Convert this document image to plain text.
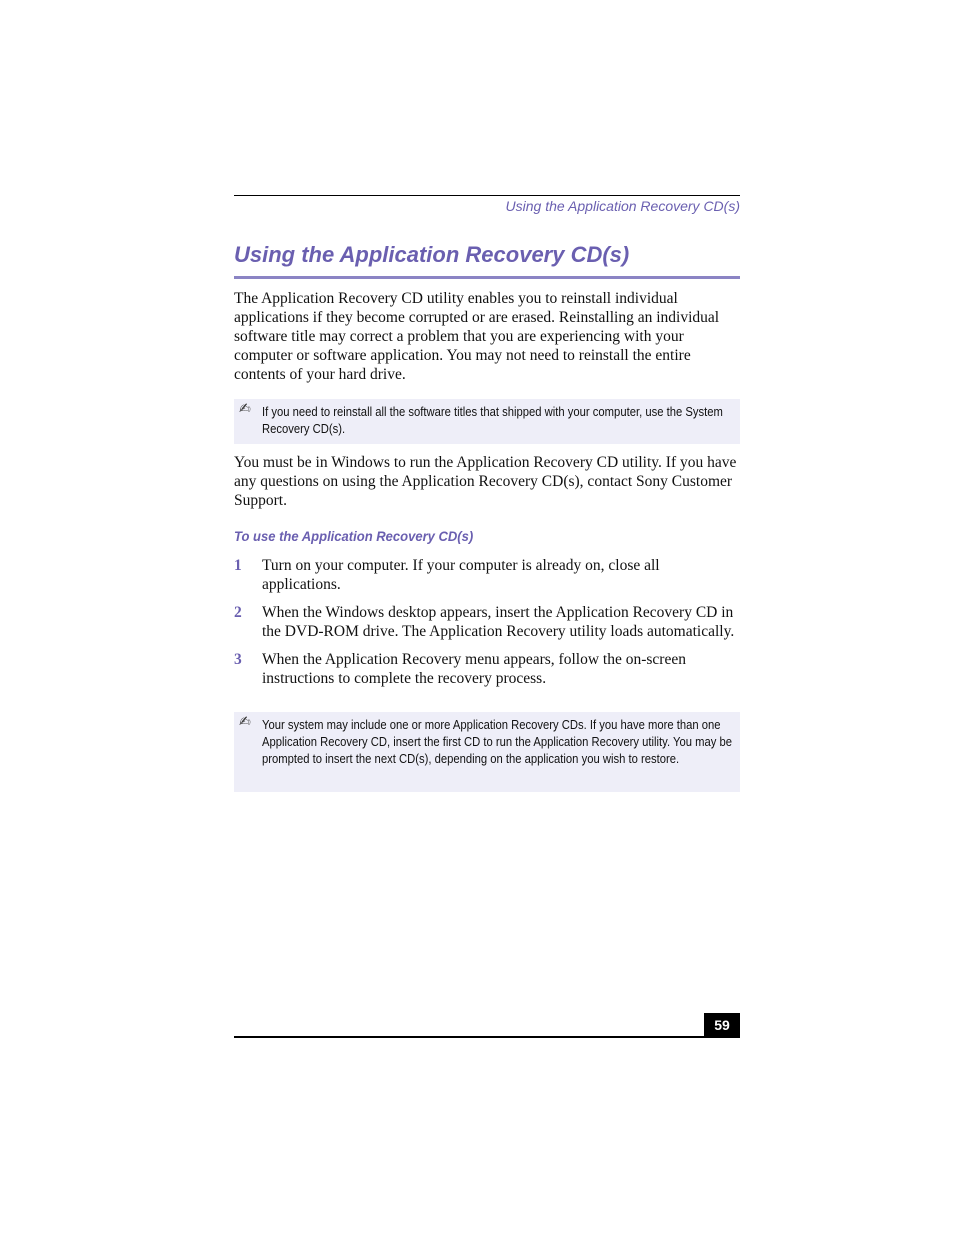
Using the Application Recovery CD(s)
Using the Application Recovery CD(s)

The Application Recovery CD utility enables you to reinstall individual applications if they become corrupted or are erased. Reinstalling an individual software title may correct a problem that you are experiencing with your computer or software application. You may not need to reinstall the entire contents of your hard drive.

✍ If you need to reinstall all the software titles that shipped with your computer, use the System Recovery CD(s).

You must be in Windows to run the Application Recovery CD utility. If you have any questions on using the Application Recovery CD(s), contact Sony Customer Support.

To use the Application Recovery CD(s)
1 Turn on your computer. If your computer is already on, close all applications.
2 When the Windows desktop appears, insert the Application Recovery CD in the DVD-ROM drive. The Application Recovery utility loads automatically.
3 When the Application Recovery menu appears, follow the on-screen instructions to complete the recovery process.
✍ Your system may include one or more Application Recovery CDs. If you have more than one Application Recovery CD, insert the first CD to run the Application Recovery utility. You may be prompted to insert the next CD(s), depending on the application you wish to restore.
59
